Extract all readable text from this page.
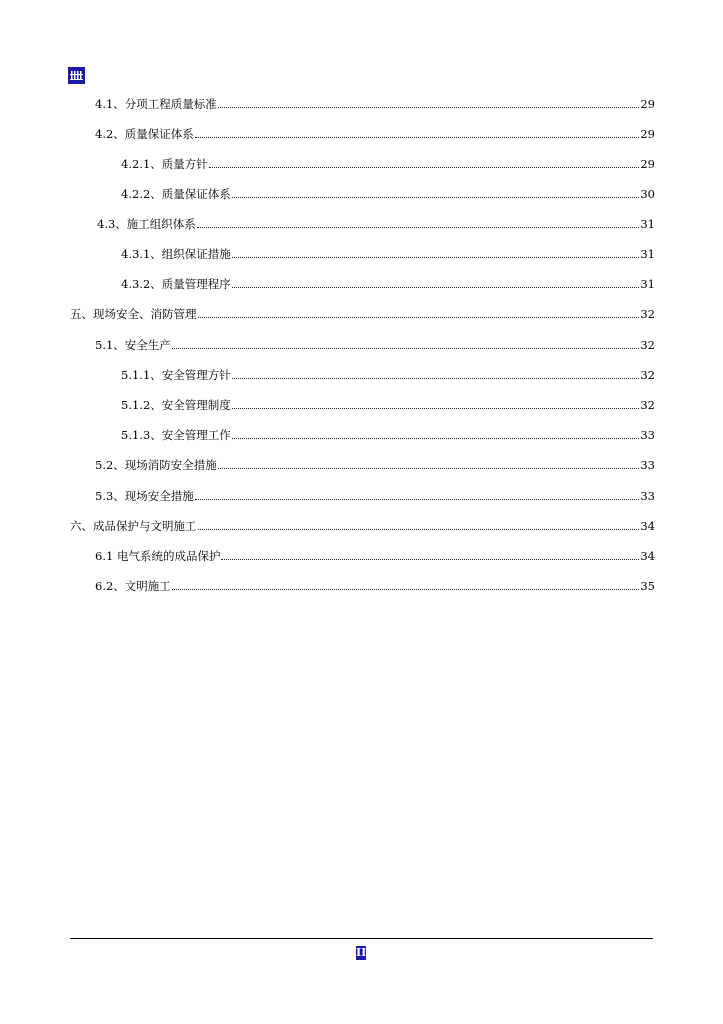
4.1、分项工程质量标准	29
4.2、质量保证体系	29
4.2.1、质量方针	29
4.2.2、质量保证体系	30
4.3、施工组织体系	31
4.3.1、组织保证措施	31
4.3.2、质量管理程序	31
五、现场安全、消防管理	32
5.1、安全生产	32
5.1.1、安全管理方针	32
5.1.2、安全管理制度	32
5.1.3、安全管理工作	33
5.2、现场消防安全措施	33
5.3、现场安全措施	33
六、成品保护与文明施工	34
6.1 电气系统的成品保护	34
6.2、文明施工	35
II
